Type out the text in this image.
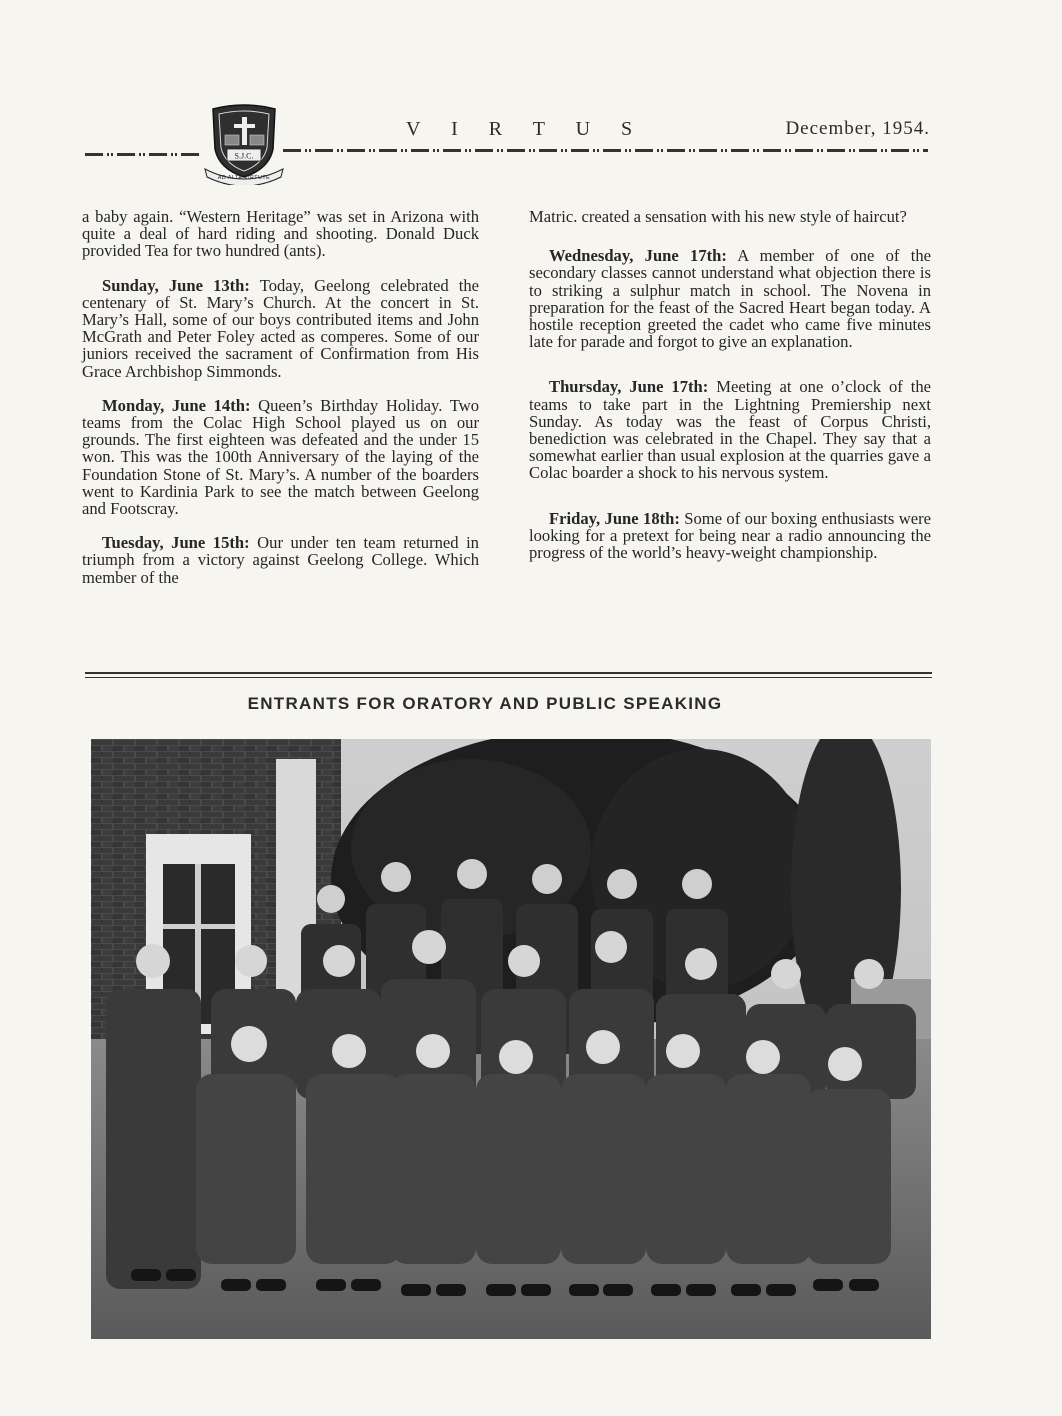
S.J.C.
AD ALTA VIRTUTE
V I R T U S	December, 1954.

a baby again. “Western Heritage” was set in Arizona with quite a deal of hard riding and shooting. Donald Duck provided Tea for two hundred (ants).

Sunday, June 13th: Today, Geelong celebrated the centenary of St. Mary’s Church. At the concert in St. Mary’s Hall, some of our boys contributed items and John McGrath and Peter Foley acted as comperes. Some of our juniors received the sacrament of Confirmation from His Grace Archbishop Simmonds.

Monday, June 14th: Queen’s Birthday Holiday. Two teams from the Colac High School played us on our grounds. The first eighteen was defeated and the under 15 won. This was the 100th Anniversary of the laying of the Foundation Stone of St. Mary’s. A number of the boarders went to Kardinia Park to see the match between Geelong and Footscray.

Tuesday, June 15th: Our under ten team returned in triumph from a victory against Geelong College. Which member of the

Matric. created a sensation with his new style of haircut?

Wednesday, June 17th: A member of one of the secondary classes cannot understand what objection there is to striking a sulphur match in school. The Novena in preparation for the feast of the Sacred Heart began today. A hostile reception greeted the cadet who came five minutes late for parade and forgot to give an explanation.

Thursday, June 17th: Meeting at one o’clock of the teams to take part in the Lightning Premiership next Sunday. As today was the feast of Corpus Christi, benediction was celebrated in the Chapel. They say that a somewhat earlier than usual explosion at the quarries gave a Colac boarder a shock to his nervous system.

Friday, June 18th: Some of our boxing enthusiasts were looking for a pretext for being near a radio announcing the progress of the world’s heavy-weight championship.

ENTRANTS FOR ORATORY AND PUBLIC SPEAKING
